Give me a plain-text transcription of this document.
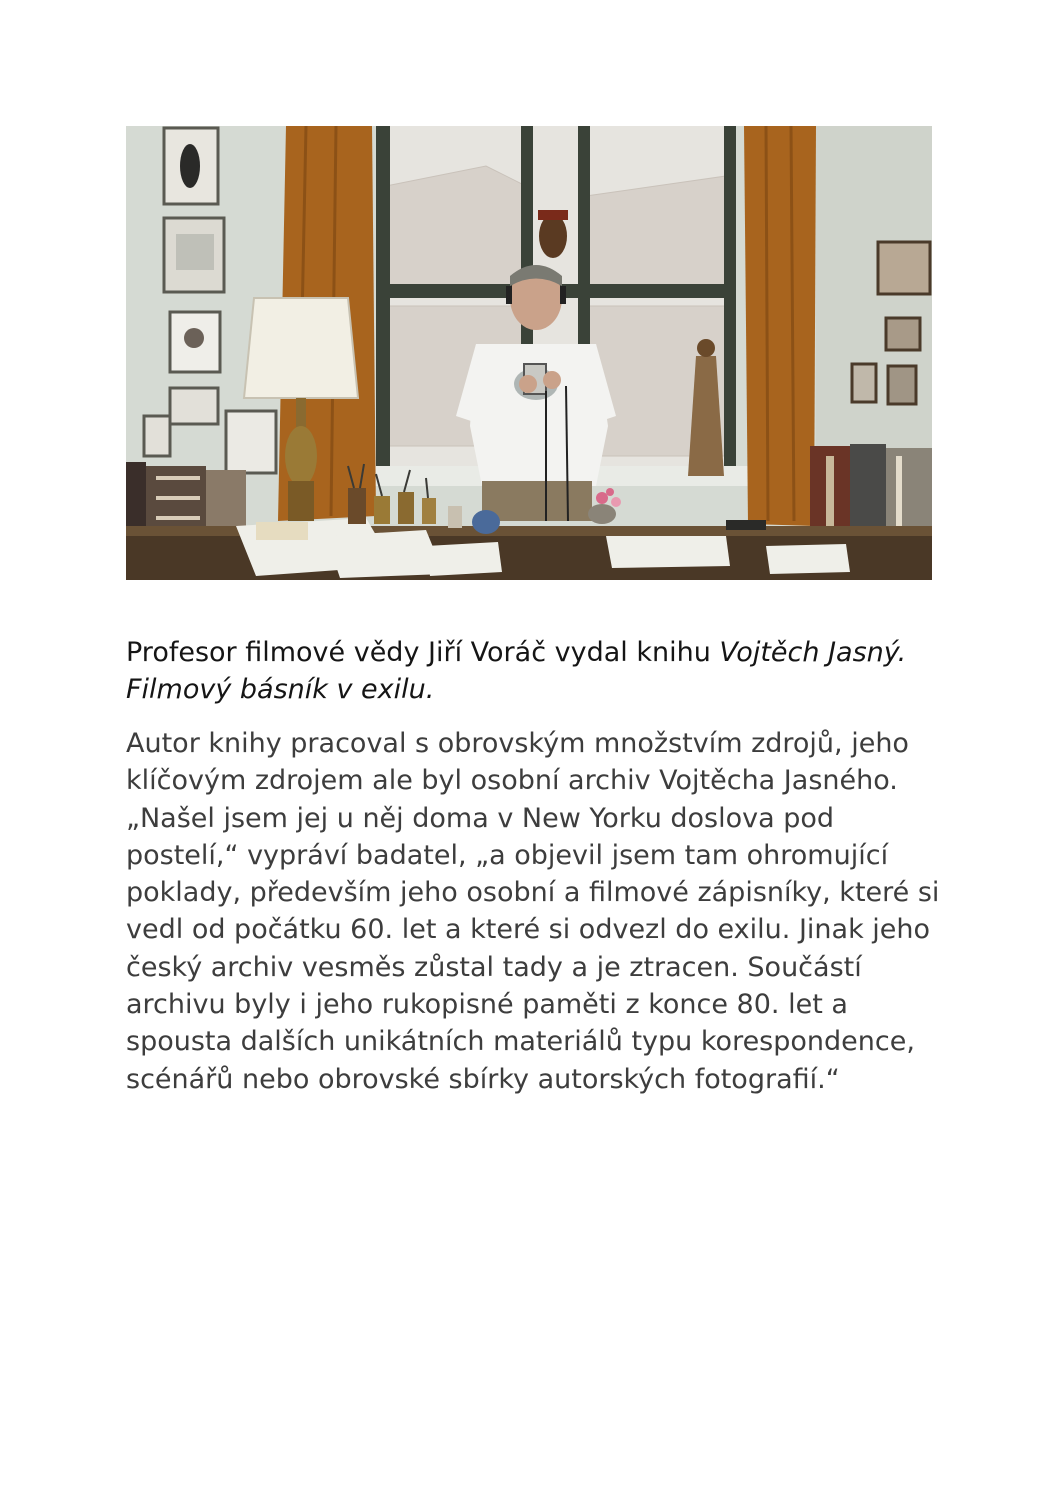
Profesor filmové vědy Jiří Voráč vydal knihu Vojtěch Jasný. Filmový básník v exilu.

Autor knihy pracoval s obrovským množstvím zdrojů, jeho klíčovým zdrojem ale byl osobní archiv Vojtěcha Jasného. „Našel jsem jej u něj doma v New Yorku doslova pod postelí,“ vypráví badatel, „a objevil jsem tam ohromující poklady, především jeho osobní a filmové zápisníky, které si vedl od počátku 60. let a které si odvezl do exilu. Jinak jeho český archiv vesměs zůstal tady a je ztracen. Součástí archivu byly i jeho rukopisné paměti z konce 80. let a spousta dalších unikátních materiálů typu korespondence, scénářů nebo obrovské sbírky autorských fotografií.“
